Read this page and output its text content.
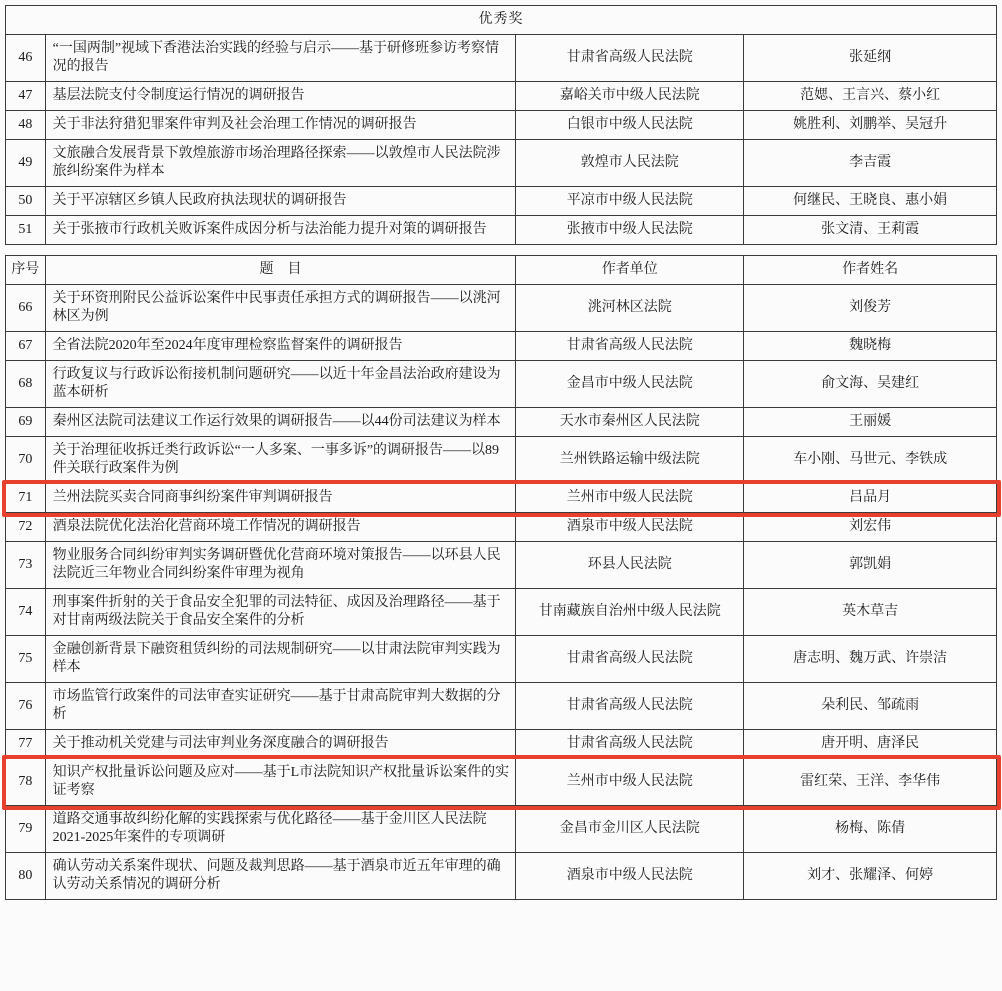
优秀奖			
46	“一国两制”视域下香港法治实践的经验与启示——基于研修班参访考察情况的报告	甘肃省高级人民法院	张延纲
47	基层法院支付令制度运行情况的调研报告	嘉峪关市中级人民法院	范媤、王言兴、蔡小红
48	关于非法狩猎犯罪案件审判及社会治理工作情况的调研报告	白银市中级人民法院	姚胜利、刘鹏举、吴冠升
49	文旅融合发展背景下敦煌旅游市场治理路径探索——以敦煌市人民法院涉旅纠纷案件为样本	敦煌市人民法院	李吉霞
50	关于平凉辖区乡镇人民政府执法现状的调研报告	平凉市中级人民法院	何继民、王晓良、惠小娟
51	关于张掖市行政机关败诉案件成因分析与法治能力提升对策的调研报告	张掖市中级人民法院	张文清、王莉霞
序号	题　目	作者单位	作者姓名
66	关于环资刑附民公益诉讼案件中民事责任承担方式的调研报告——以洮河林区为例	洮河林区法院	刘俊芳
67	全省法院2020年至2024年度审理检察监督案件的调研报告	甘肃省高级人民法院	魏晓梅
68	行政复议与行政诉讼衔接机制问题研究——以近十年金昌法治政府建设为蓝本研析	金昌市中级人民法院	俞文海、吴建红
69	秦州区法院司法建议工作运行效果的调研报告——以44份司法建议为样本	天水市秦州区人民法院	王丽媛
70	关于治理征收拆迁类行政诉讼“一人多案、一事多诉”的调研报告——以89件关联行政案件为例	兰州铁路运输中级法院	车小刚、马世元、李铁成
71	兰州法院买卖合同商事纠纷案件审判调研报告	兰州市中级人民法院	吕品月
72	酒泉法院优化法治化营商环境工作情况的调研报告	酒泉市中级人民法院	刘宏伟
73	物业服务合同纠纷审判实务调研暨优化营商环境对策报告——以环县人民法院近三年物业合同纠纷案件审理为视角	环县人民法院	郭凯娟
74	刑事案件折射的关于食品安全犯罪的司法特征、成因及治理路径——基于对甘南两级法院关于食品安全案件的分析	甘南藏族自治州中级人民法院	英木草吉
75	金融创新背景下融资租赁纠纷的司法规制研究——以甘肃法院审判实践为样本	甘肃省高级人民法院	唐志明、魏万武、许崇洁
76	市场监管行政案件的司法审查实证研究——基于甘肃高院审判大数据的分析	甘肃省高级人民法院	朵利民、邹疏雨
77	关于推动机关党建与司法审判业务深度融合的调研报告	甘肃省高级人民法院	唐开明、唐泽民
78	知识产权批量诉讼问题及应对——基于L市法院知识产权批量诉讼案件的实证考察	兰州市中级人民法院	雷红荣、王洋、李华伟
79	道路交通事故纠纷化解的实践探索与优化路径——基于金川区人民法院2021-2025年案件的专项调研	金昌市金川区人民法院	杨梅、陈倩
80	确认劳动关系案件现状、问题及裁判思路——基于酒泉市近五年审理的确认劳动关系情况的调研分析	酒泉市中级人民法院	刘才、张耀泽、何婷
